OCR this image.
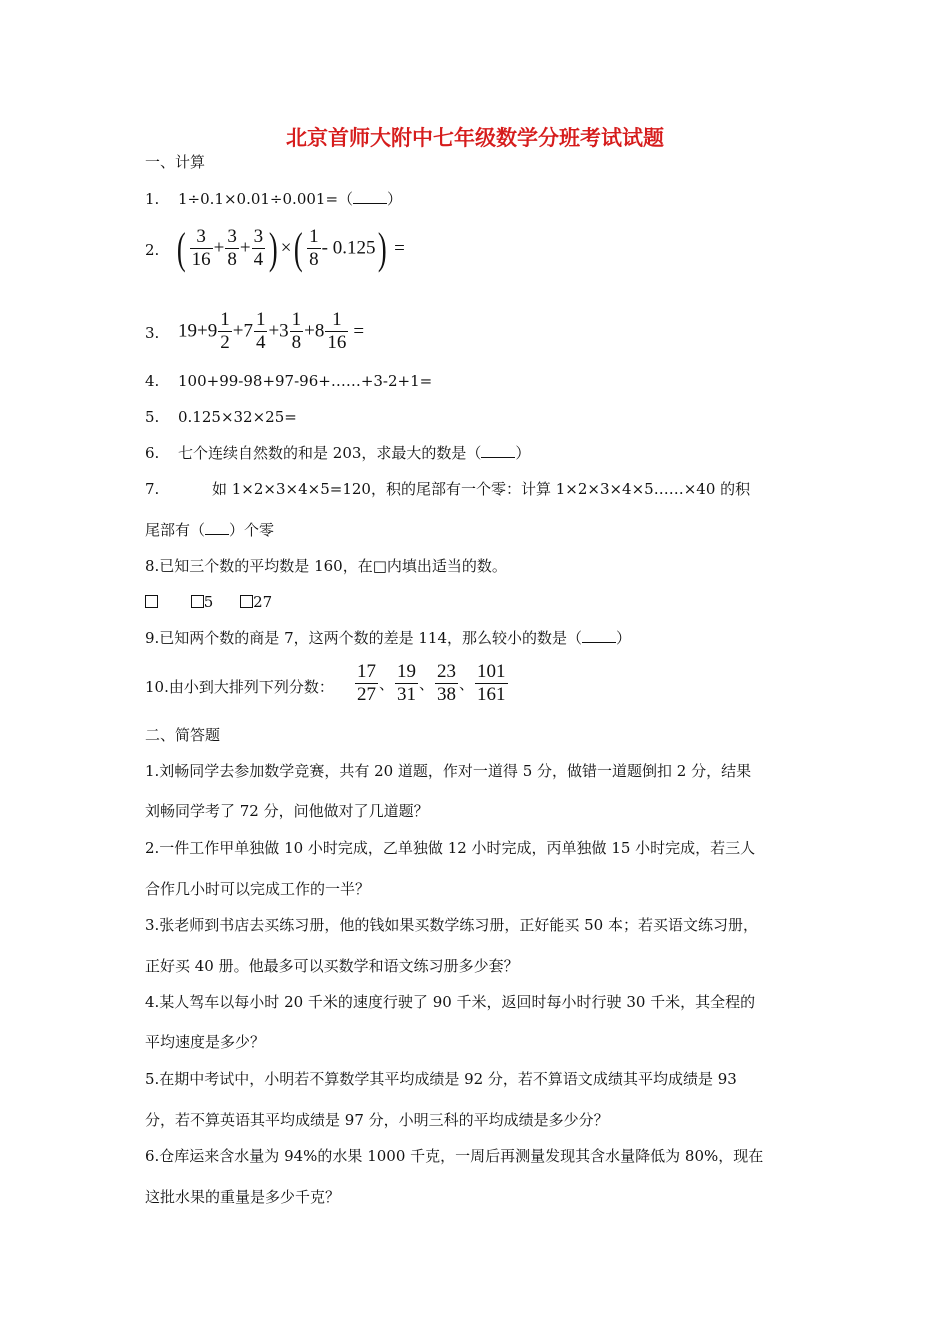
北京首师大附中七年级数学分班考试试题
一、计算
1. 1÷0.1×0.01÷0.001=（ ）
2. ( $\frac{3}{16} + \frac{3}{8} + \frac{3}{4}$ ) ×( $\frac{1}{8} - 0.125$) =
3. $19+9 \frac{1}{2} +7 \frac{1}{4} +3 \frac{1}{8} +8 \frac{1}{16}$ =
4. 100+99-98+97-96+……+3-2+1=
5. 0.125×32×25=
6. 七个连续自然数的和是 203，求最大的数是（ ）
7.	如 1×2×3×4×5=120，积的尾部有一个零：计算 1×2×3×4×5……×40 的积
尾部有（ ）个零
8.已知三个数的平均数是 160，在□内填出适当的数。
5	27
9.已知两个数的商是 7，这两个数的差是 114，那么较小的数是（ ）
10.由小到大排列下列分数： $\frac{17}{27}$ 、 $\frac{19}{31}$ 、 $\frac{23}{38}$ 、 $\frac{101}{161}$
二、简答题
1.刘畅同学去参加数学竞赛，共有 20 道题，作对一道得 5 分，做错一道题倒扣 2 分，结果
刘畅同学考了 72 分，问他做对了几道题？
2.一件工作甲单独做 10 小时完成，乙单独做 12 小时完成，丙单独做 15 小时完成，若三人
合作几小时可以完成工作的一半？
3.张老师到书店去买练习册，他的钱如果买数学练习册，正好能买 50 本；若买语文练习册，
正好买 40 册。他最多可以买数学和语文练习册多少套？
4.某人驾车以每小时 20 千米的速度行驶了 90 千米，返回时每小时行驶 30 千米，其全程的
平均速度是多少？
5.在期中考试中，小明若不算数学其平均成绩是 92 分，若不算语文成绩其平均成绩是 93
分，若不算英语其平均成绩是 97 分，小明三科的平均成绩是多少分？
6.仓库运来含水量为 94%的水果 1000 千克，一周后再测量发现其含水量降低为 80%，现在
这批水果的重量是多少千克？
